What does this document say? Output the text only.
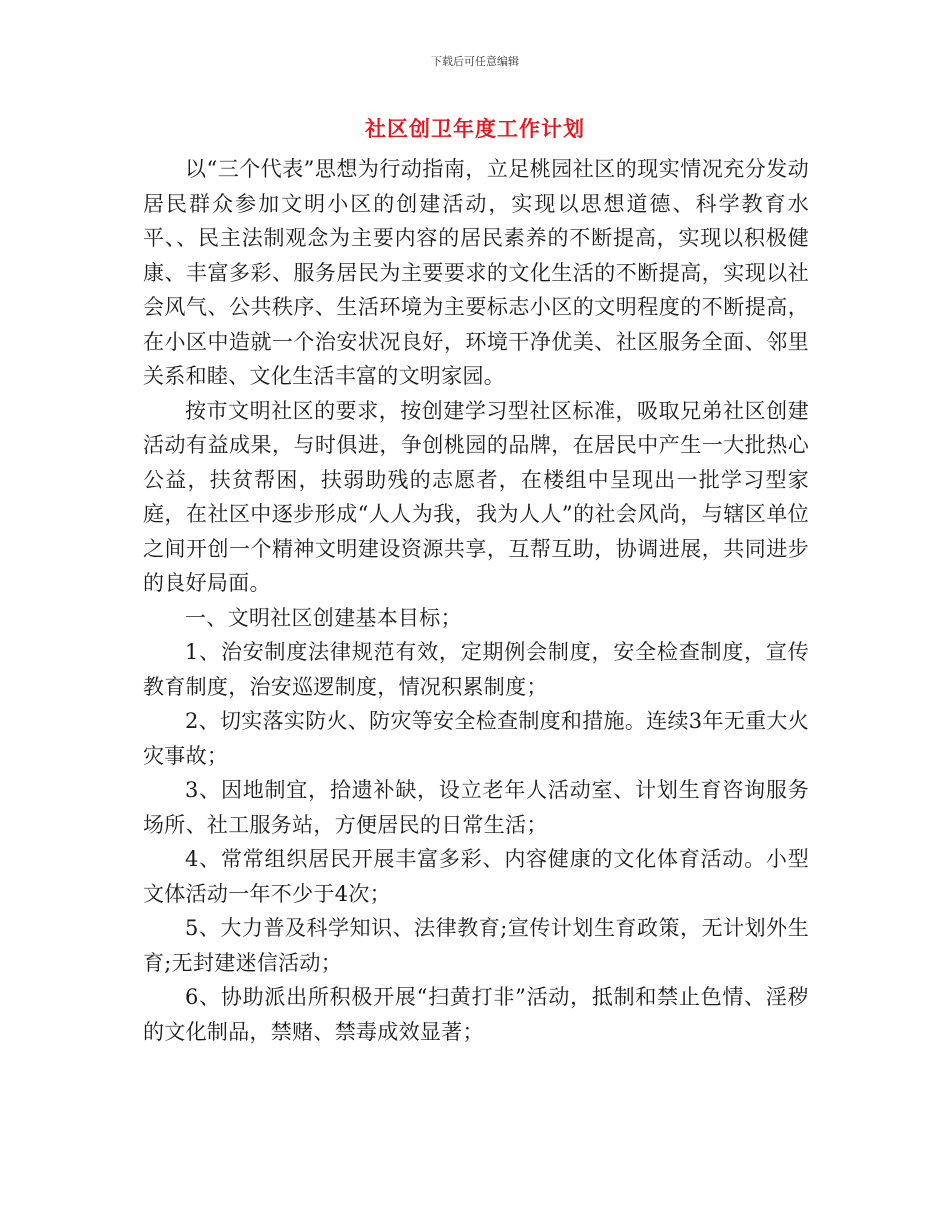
下载后可任意编辑
社区创卫年度工作计划

以“三个代表”思想为行动指南，立足桃园社区的现实情况充分发动居民群众参加文明小区的创建活动，实现以思想道德、科学教育水平、、民主法制观念为主要内容的居民素养的不断提高，实现以积极健康、丰富多彩、服务居民为主要要求的文化生活的不断提高，实现以社会风气、公共秩序、生活环境为主要标志小区的文明程度的不断提高，在小区中造就一个治安状况良好，环境干净优美、社区服务全面、邻里关系和睦、文化生活丰富的文明家园。

按市文明社区的要求，按创建学习型社区标准，吸取兄弟社区创建活动有益成果，与时俱进，争创桃园的品牌，在居民中产生一大批热心公益，扶贫帮困，扶弱助残的志愿者，在楼组中呈现出一批学习型家庭，在社区中逐步形成“人人为我，我为人人”的社会风尚，与辖区单位之间开创一个精神文明建设资源共享，互帮互助，协调进展，共同进步的良好局面。

一、文明社区创建基本目标；

1、治安制度法律规范有效，定期例会制度，安全检查制度，宣传教育制度，治安巡逻制度，情况积累制度；

2、切实落实防火、防灾等安全检查制度和措施。连续3年无重大火灾事故；

3、因地制宜，拾遗补缺，设立老年人活动室、计划生育咨询服务场所、社工服务站，方便居民的日常生活；

4、常常组织居民开展丰富多彩、内容健康的文化体育活动。小型文体活动一年不少于4次；

5、大力普及科学知识、法律教育;宣传计划生育政策，无计划外生育;无封建迷信活动；

6、协助派出所积极开展“扫黄打非”活动，抵制和禁止色情、淫秽的文化制品，禁赌、禁毒成效显著；
